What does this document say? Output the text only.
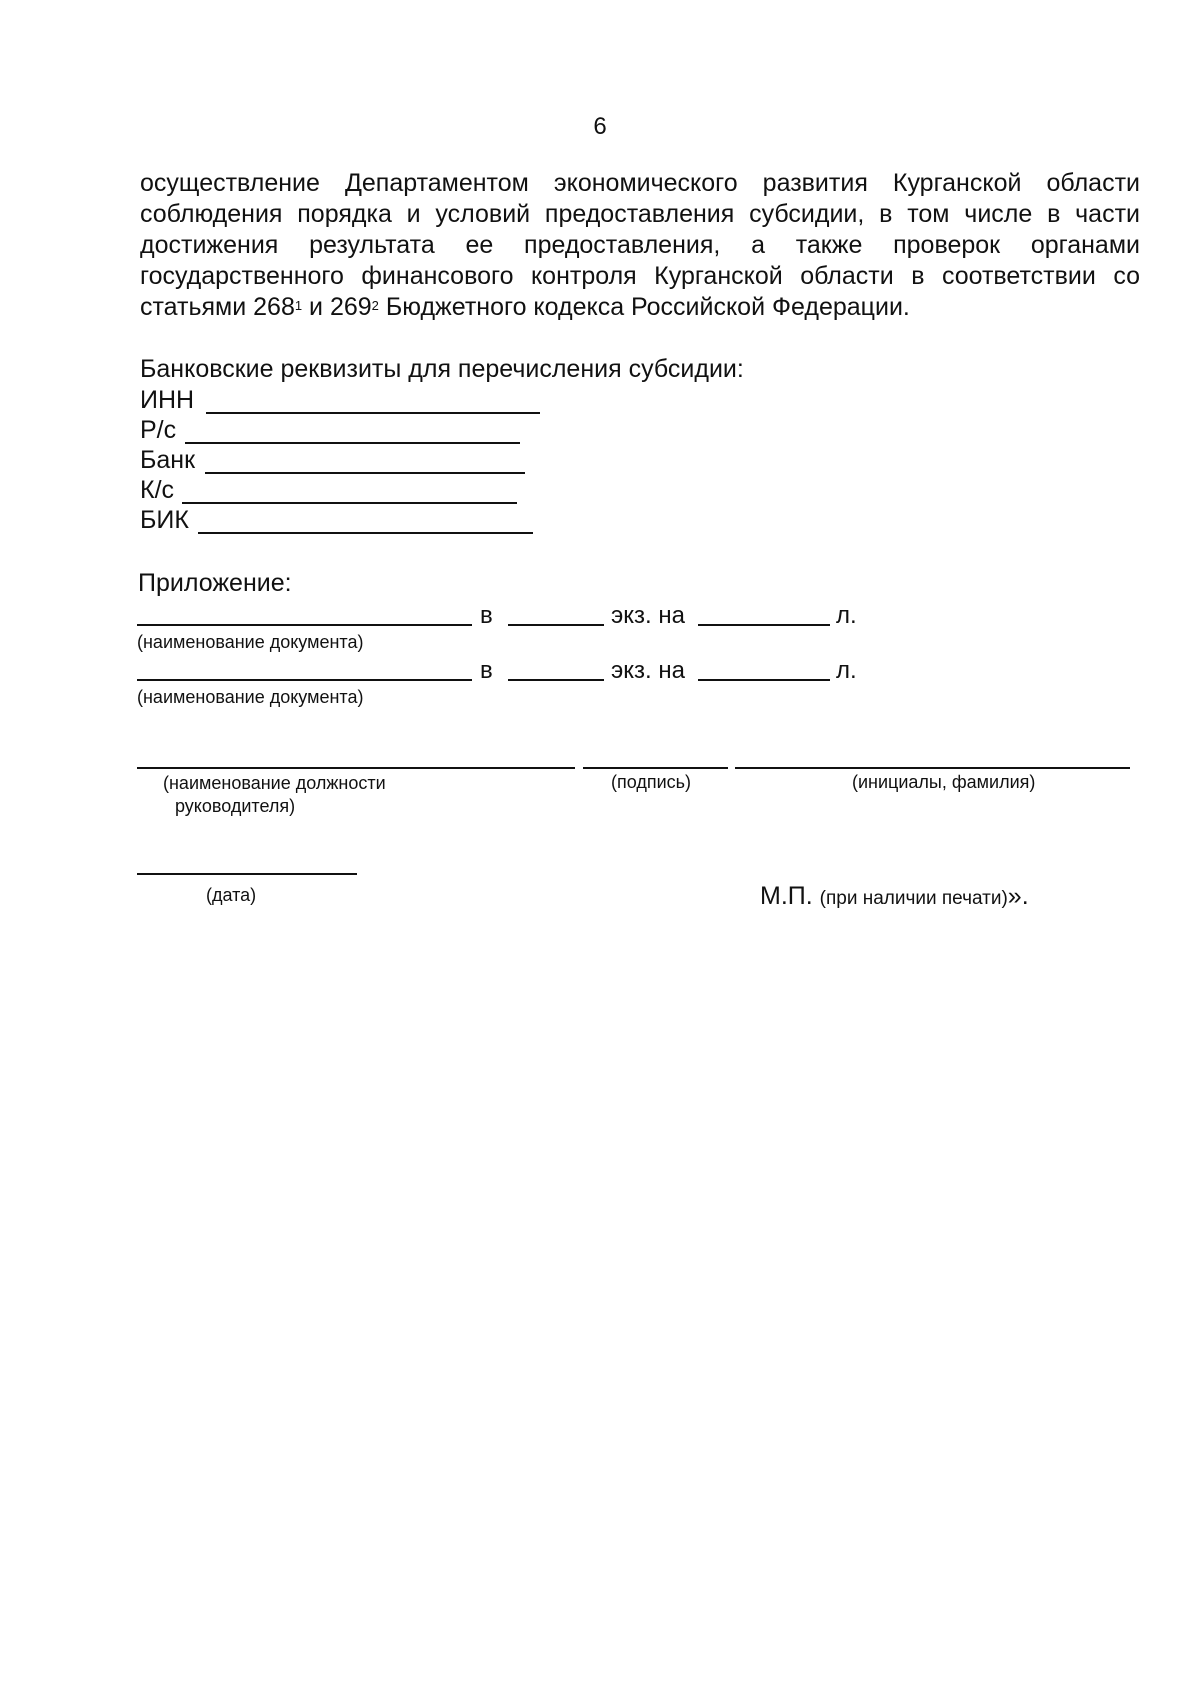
6
осуществление Департаментом экономического развития Курганской области
соблюдения порядка и условий предоставления субсидии, в том числе в части
достижения результата ее предоставления, а также проверок органами
государственного финансового контроля Курганской области в соответствии со
статьями $268^1$ и $269^2$ Бюджетного кодекса Российской Федерации.
Банковские реквизиты для перечисления субсидии:
ИНН
Р/с
Банк
К/с
БИК
Приложение:
в	экз. на	л.
(наименование документа)
в	экз. на	л.
(наименование документа)
(наименование должности
руководителя)
(подпись)	(инициалы, фамилия)
(дата)	М.П. (при наличии печати)».
